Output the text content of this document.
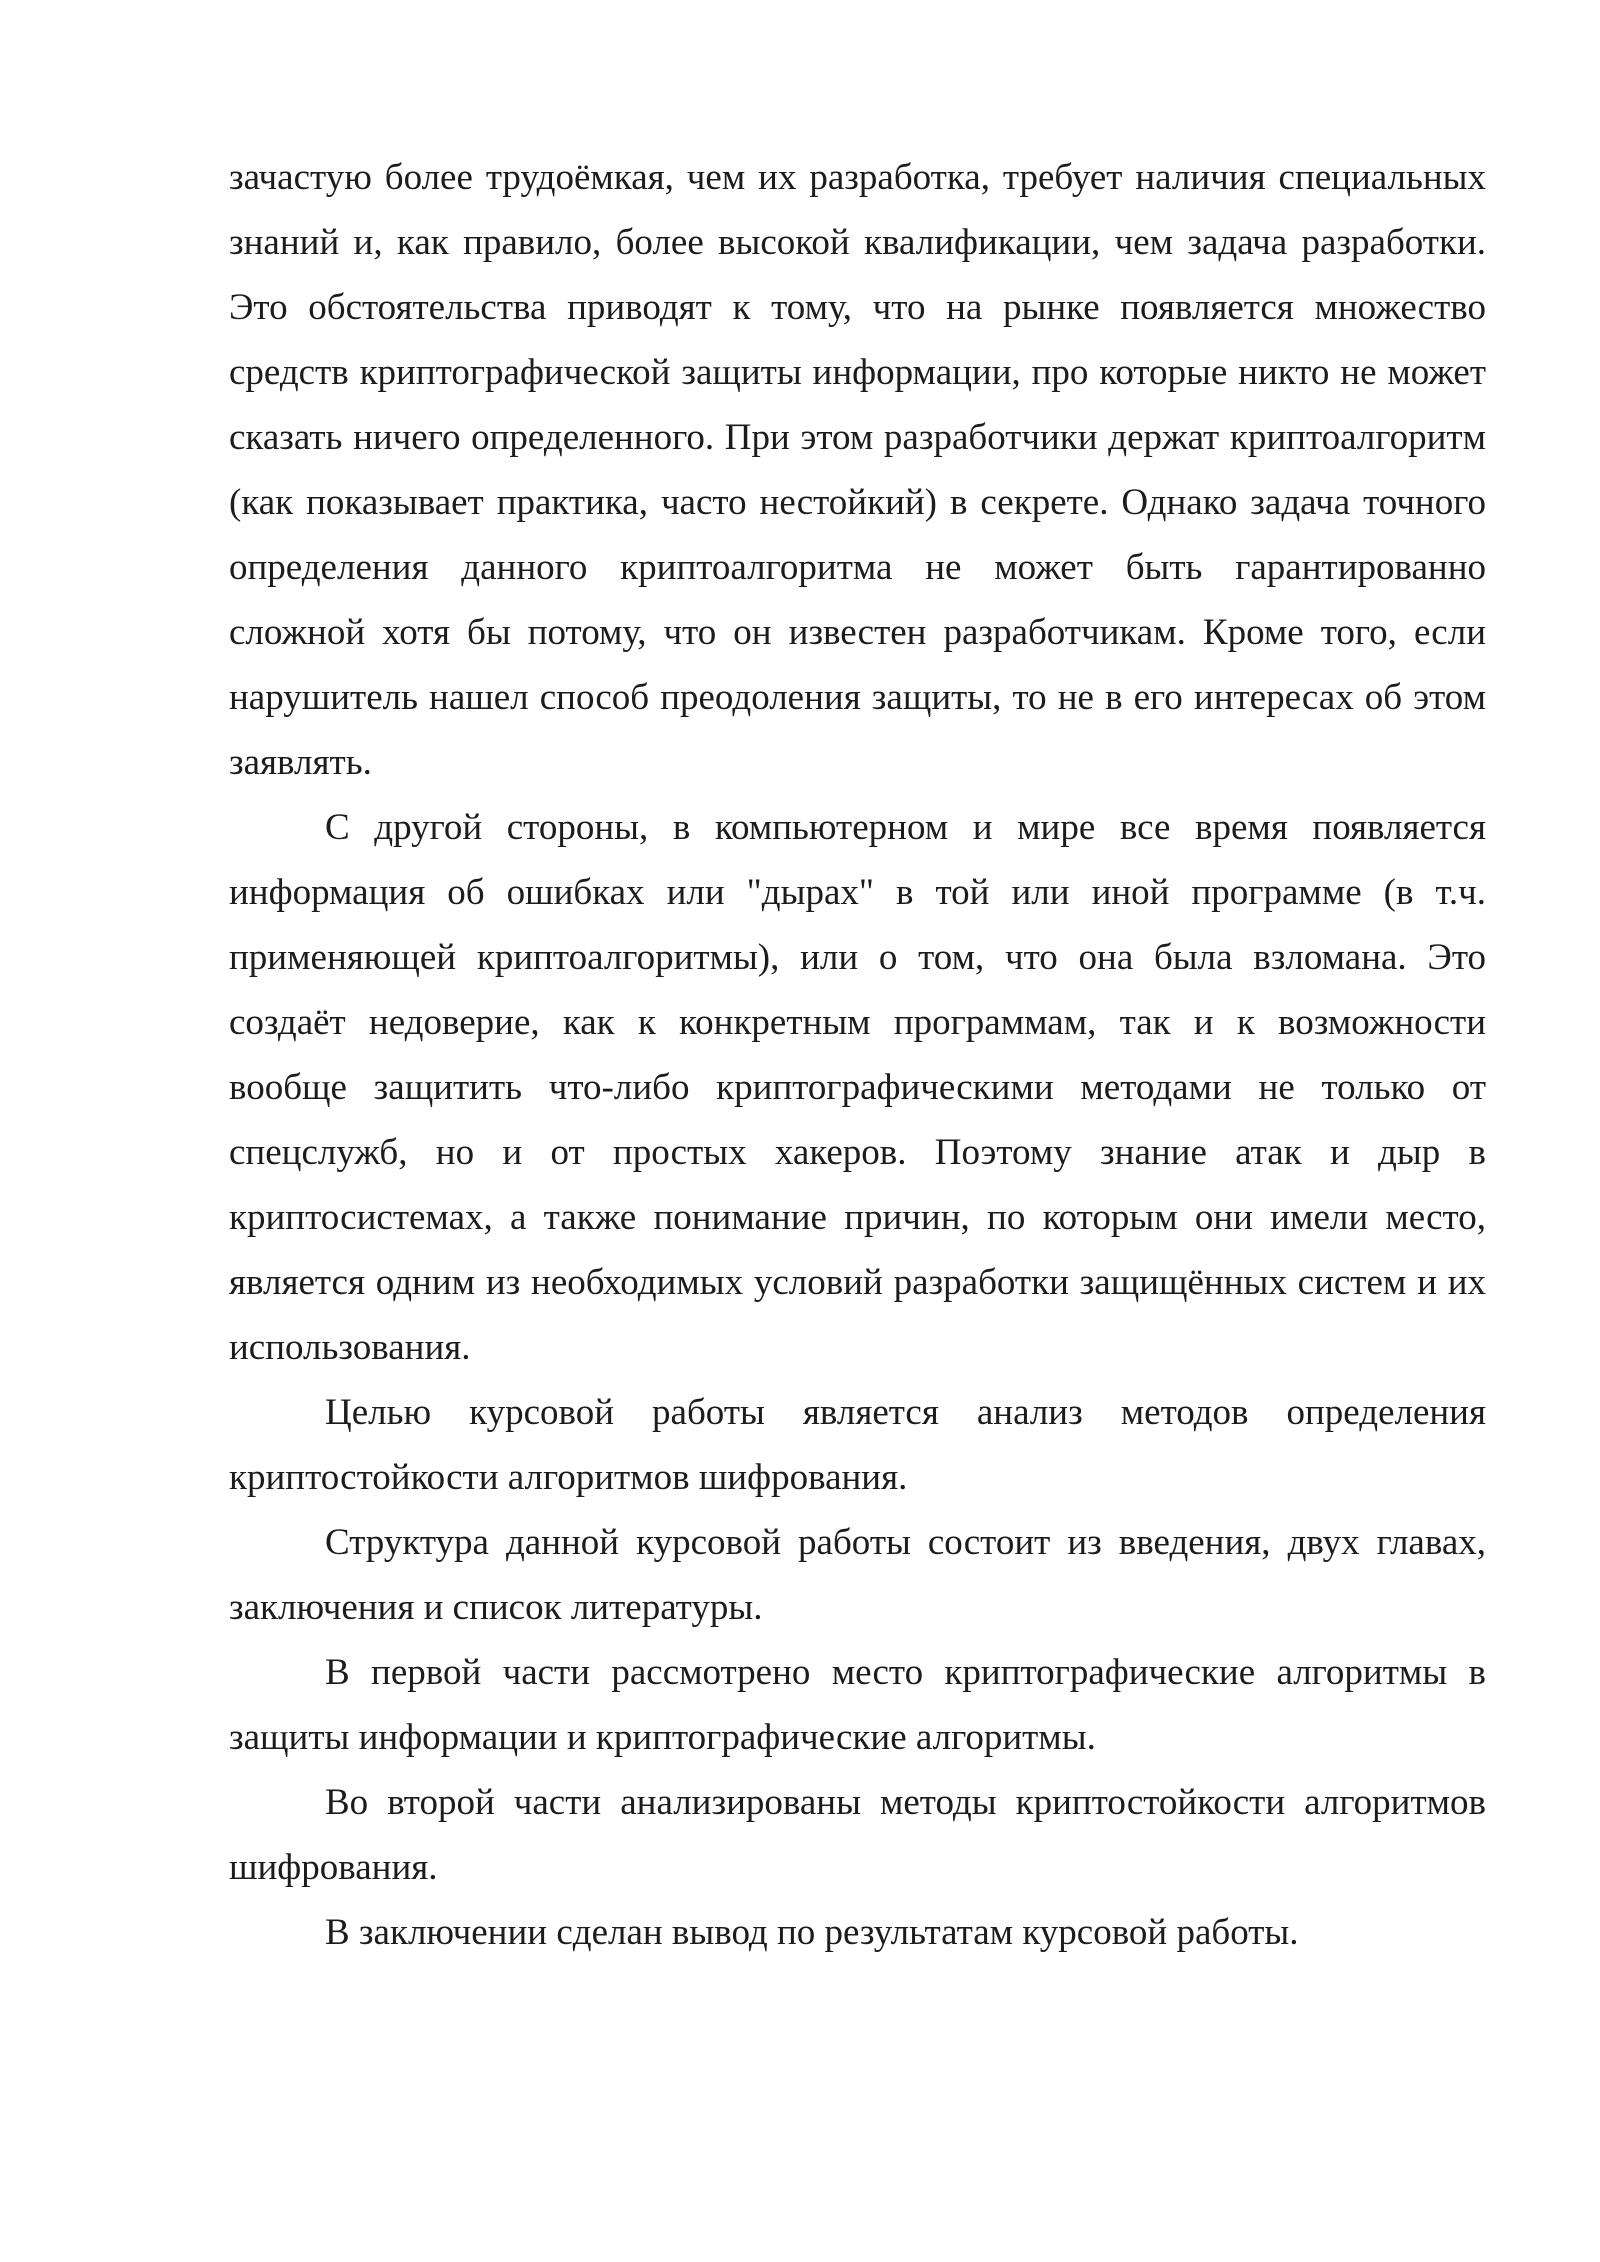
зачастую более трудоёмкая, чем их разработка, требует наличия специальных знаний и, как правило, более высокой квалификации, чем задача разработки. Это обстоятельства приводят к тому, что на рынке появляется множество средств криптографической защиты информации, про которые никто не может сказать ничего определенного. При этом разработчики держат криптоалгоритм (как показывает практика, часто нестойкий) в секрете. Однако задача точного определения данного криптоалгоритма не может быть гарантированно сложной хотя бы потому, что он известен разработчикам. Кроме того, если нарушитель нашел способ преодоления защиты, то не в его интересах об этом заявлять.

С другой стороны, в компьютерном и мире все время появляется информация об ошибках или "дырах" в той или иной программе (в т.ч. применяющей криптоалгоритмы), или о том, что она была взломана. Это создаёт недоверие, как к конкретным программам, так и к возможности вообще защитить что-либо криптографическими методами не только от спецслужб, но и от простых хакеров. Поэтому знание атак и дыр в криптосистемах, а также понимание причин, по которым они имели место, является одним из необходимых условий разработки защищённых систем и их использования.

Целью курсовой работы является анализ методов определения криптостойкости алгоритмов шифрования.

Структура данной курсовой работы состоит из введения, двух главах, заключения и список литературы.

В первой части рассмотрено место криптографические алгоритмы в защиты информации и криптографические алгоритмы.

Во второй части анализированы методы криптостойкости алгоритмов шифрования.

В заключении сделан вывод по результатам курсовой работы.
